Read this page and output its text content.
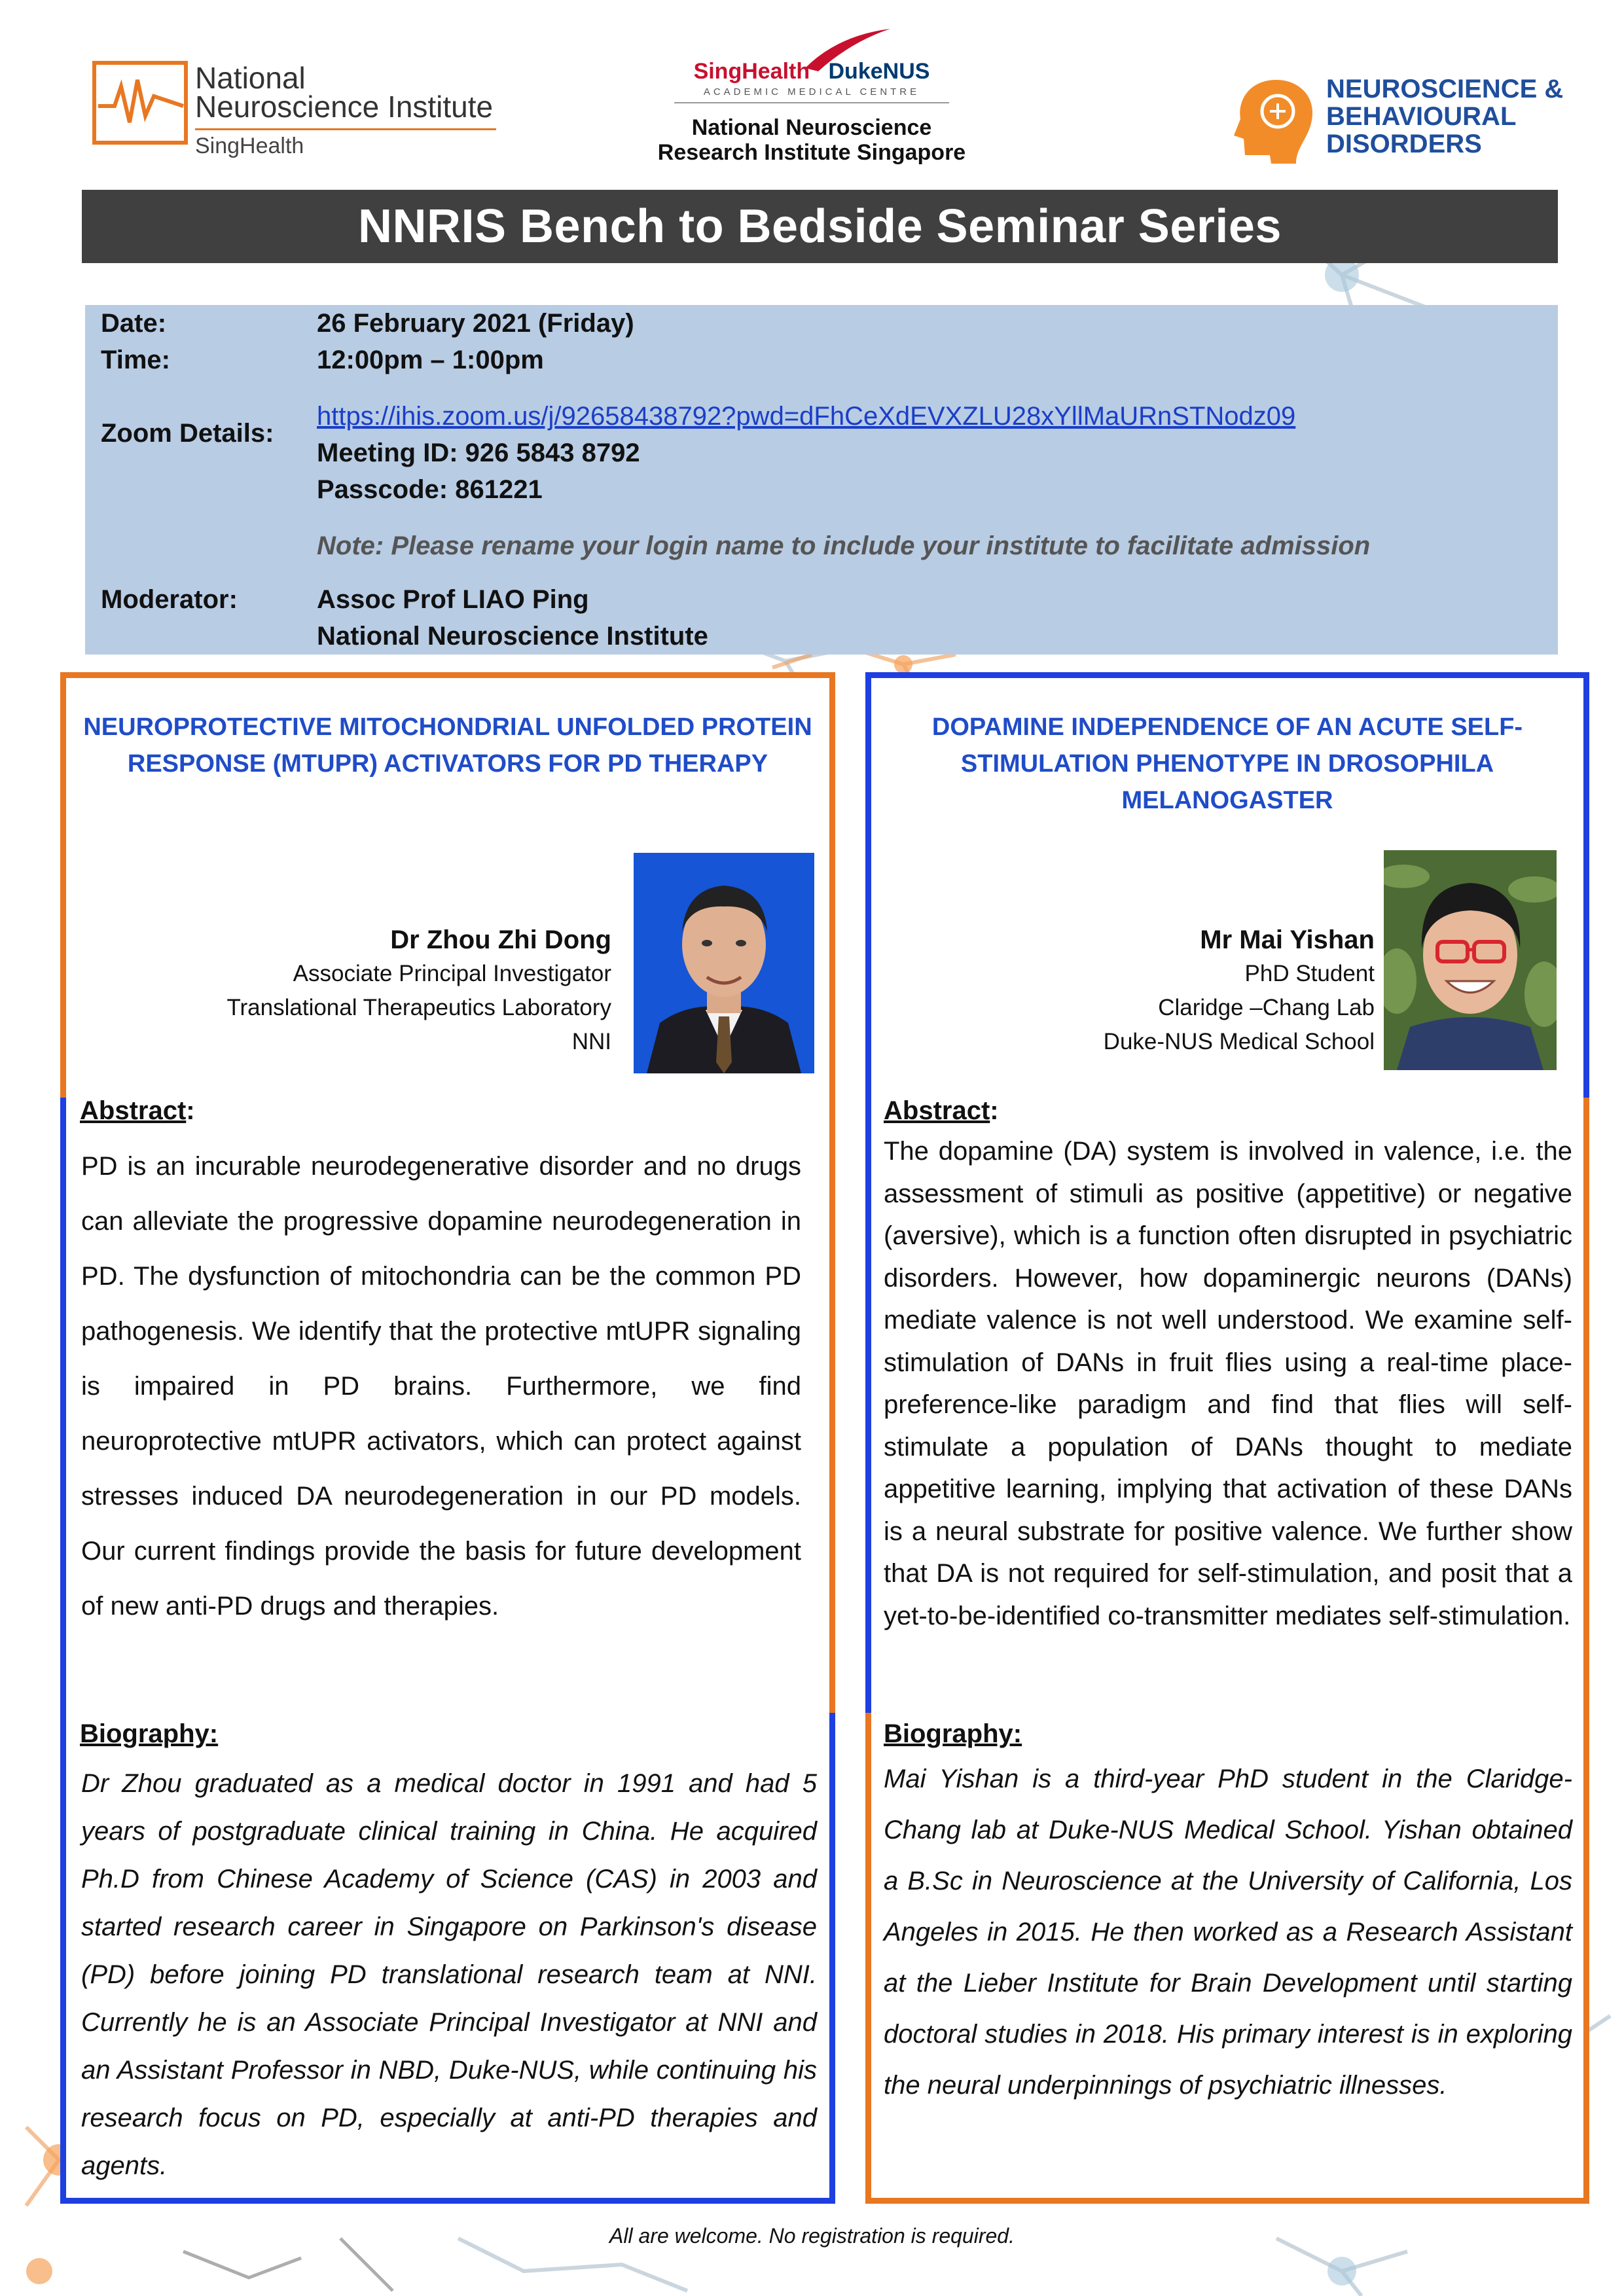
National
Neuroscience Institute
SingHealth
SingHealth DukeNUS
ACADEMIC MEDICAL CENTRE
National Neuroscience
Research Institute Singapore
NEUROSCIENCE &
BEHAVIOURAL
DISORDERS
NNRIS Bench to Bedside Seminar Series
Date:	26 February 2021 (Friday)
Time:	12:00pm – 1:00pm
Zoom Details:
https://ihis.zoom.us/j/92658438792?pwd=dFhCeXdEVXZLU28xYllMaURnSTNodz09
Meeting ID: 926 5843 8792
Passcode: 861221
Note: Please rename your login name to include your institute to facilitate admission
Moderator:	Assoc Prof LIAO Ping
National Neuroscience Institute
NEUROPROTECTIVE MITOCHONDRIAL UNFOLDED PROTEIN
RESPONSE (MTUPR) ACTIVATORS FOR PD THERAPY
Dr Zhou Zhi Dong
Associate Principal Investigator
Translational Therapeutics Laboratory
NNI
Abstract:
PD is an incurable neurodegenerative disorder and no drugs can alleviate the progressive dopamine neurodegeneration in PD. The dysfunction of mitochondria can be the common PD pathogenesis. We identify that the protective mtUPR signaling is impaired in PD brains. Furthermore, we find neuroprotective mtUPR activators, which can protect against stresses induced DA neurodegeneration in our PD models. Our current findings provide the basis for future development of new anti-PD drugs and therapies.
Biography:
Dr Zhou graduated as a medical doctor in 1991 and had 5 years of postgraduate clinical training in China. He acquired Ph.D from Chinese Academy of Science (CAS) in 2003 and started research career in Singapore on Parkinson's disease (PD) before joining PD translational research team at NNI. Currently he is an Associate Principal Investigator at NNI and an Assistant Professor in NBD, Duke-NUS, while continuing his research focus on PD, especially at anti-PD therapies and agents.
DOPAMINE INDEPENDENCE OF AN ACUTE SELF-
STIMULATION PHENOTYPE IN DROSOPHILA
MELANOGASTER
Mr Mai Yishan
PhD Student
Claridge –Chang Lab
Duke-NUS Medical School
Abstract:
The dopamine (DA) system is involved in valence, i.e. the assessment of stimuli as positive (appetitive) or negative (aversive), which is a function often disrupted in psychiatric disorders. However, how dopaminergic neurons (DANs) mediate valence is not well understood. We examine self-stimulation of DANs in fruit flies using a real-time place-preference-like paradigm and find that flies will self-stimulate a population of DANs thought to mediate appetitive learning, implying that activation of these DANs is a neural substrate for positive valence. We further show that DA is not required for self-stimulation, and posit that a yet-to-be-identified co-transmitter mediates self-stimulation.
Biography:
Mai Yishan is a third-year PhD student in the Claridge-Chang lab at Duke-NUS Medical School. Yishan obtained a B.Sc in Neuroscience at the University of California, Los Angeles in 2015. He then worked as a Research Assistant at the Lieber Institute for Brain Development until starting doctoral studies in 2018. His primary interest is in exploring the neural underpinnings of psychiatric illnesses.
All are welcome. No registration is required.
